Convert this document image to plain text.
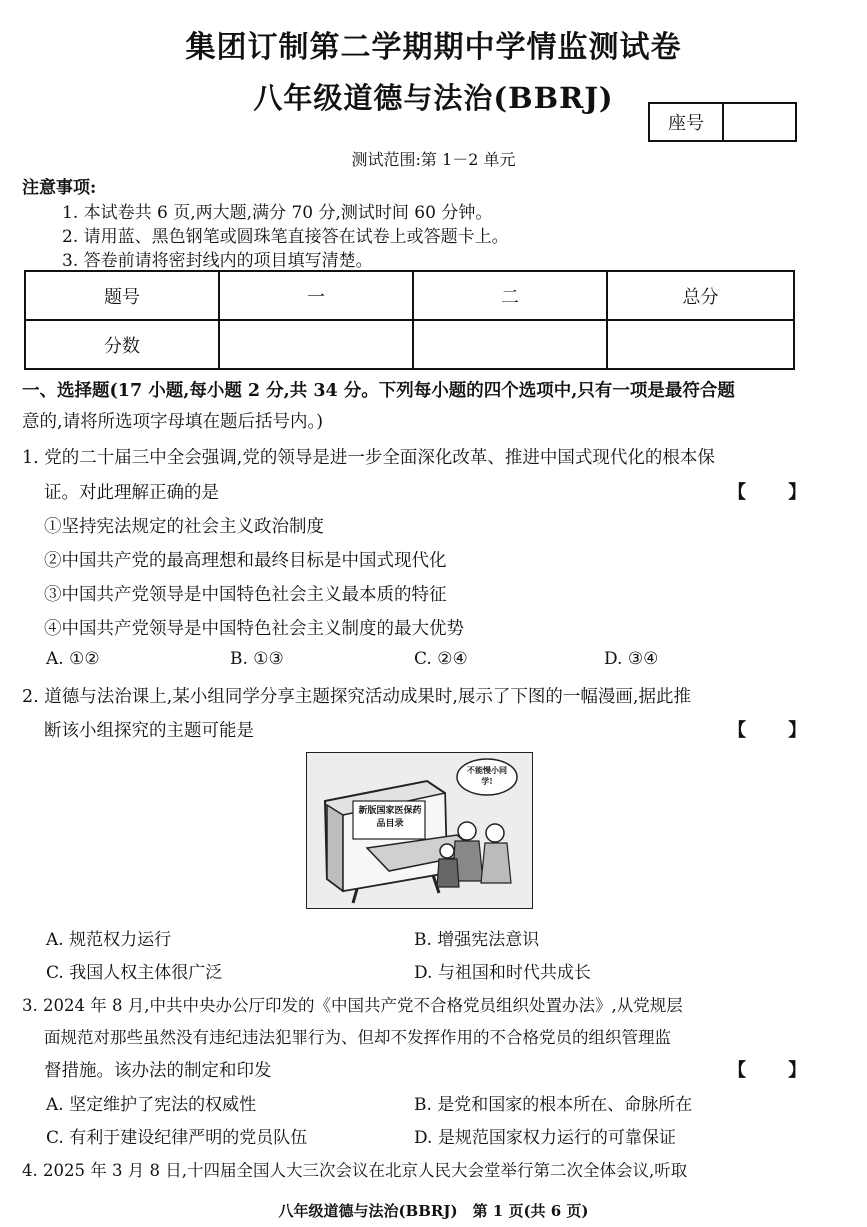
集团订制第二学期期中学情监测试卷
八年级道德与法治(BBRJ)
座号
测试范围:第 1－2 单元
注意事项:
1. 本试卷共 6 页,两大题,满分 70 分,测试时间 60 分钟。
2. 请用蓝、黑色钢笔或圆珠笔直接答在试卷上或答题卡上。
3. 答卷前请将密封线内的项目填写清楚。
题号	一	二	总分
分数			
一、选择题(17 小题,每小题 2 分,共 34 分。下列每小题的四个选项中,只有一项是最符合题
意的,请将所选项字母填在题后括号内。)
1. 党的二十届三中全会强调,党的领导是进一步全面深化改革、推进中国式现代化的根本保
证。对此理解正确的是	【 】
①坚持宪法规定的社会主义政治制度
②中国共产党的最高理想和最终目标是中国式现代化
③中国共产党领导是中国特色社会主义最本质的特征
④中国共产党领导是中国特色社会主义制度的最大优势
A. ①②	B. ①③	C. ②④	D. ③④
2. 道德与法治课上,某小组同学分享主题探究活动成果时,展示了下图的一幅漫画,据此推
断该小组探究的主题可能是	【 】
新版国家医保药品目录
不能慢小同学!
A. 规范权力运行	B. 增强宪法意识
C. 我国人权主体很广泛	D. 与祖国和时代共成长
3. 2024 年 8 月,中共中央办公厅印发的《中国共产党不合格党员组织处置办法》,从党规层
面规范对那些虽然没有违纪违法犯罪行为、但却不发挥作用的不合格党员的组织管理监
督措施。该办法的制定和印发	【 】
A. 坚定维护了宪法的权威性	B. 是党和国家的根本所在、命脉所在
C. 有利于建设纪律严明的党员队伍	D. 是规范国家权力运行的可靠保证
4. 2025 年 3 月 8 日,十四届全国人大三次会议在北京人民大会堂举行第二次全体会议,听取
八年级道德与法治(BBRJ)　第 1 页(共 6 页)
